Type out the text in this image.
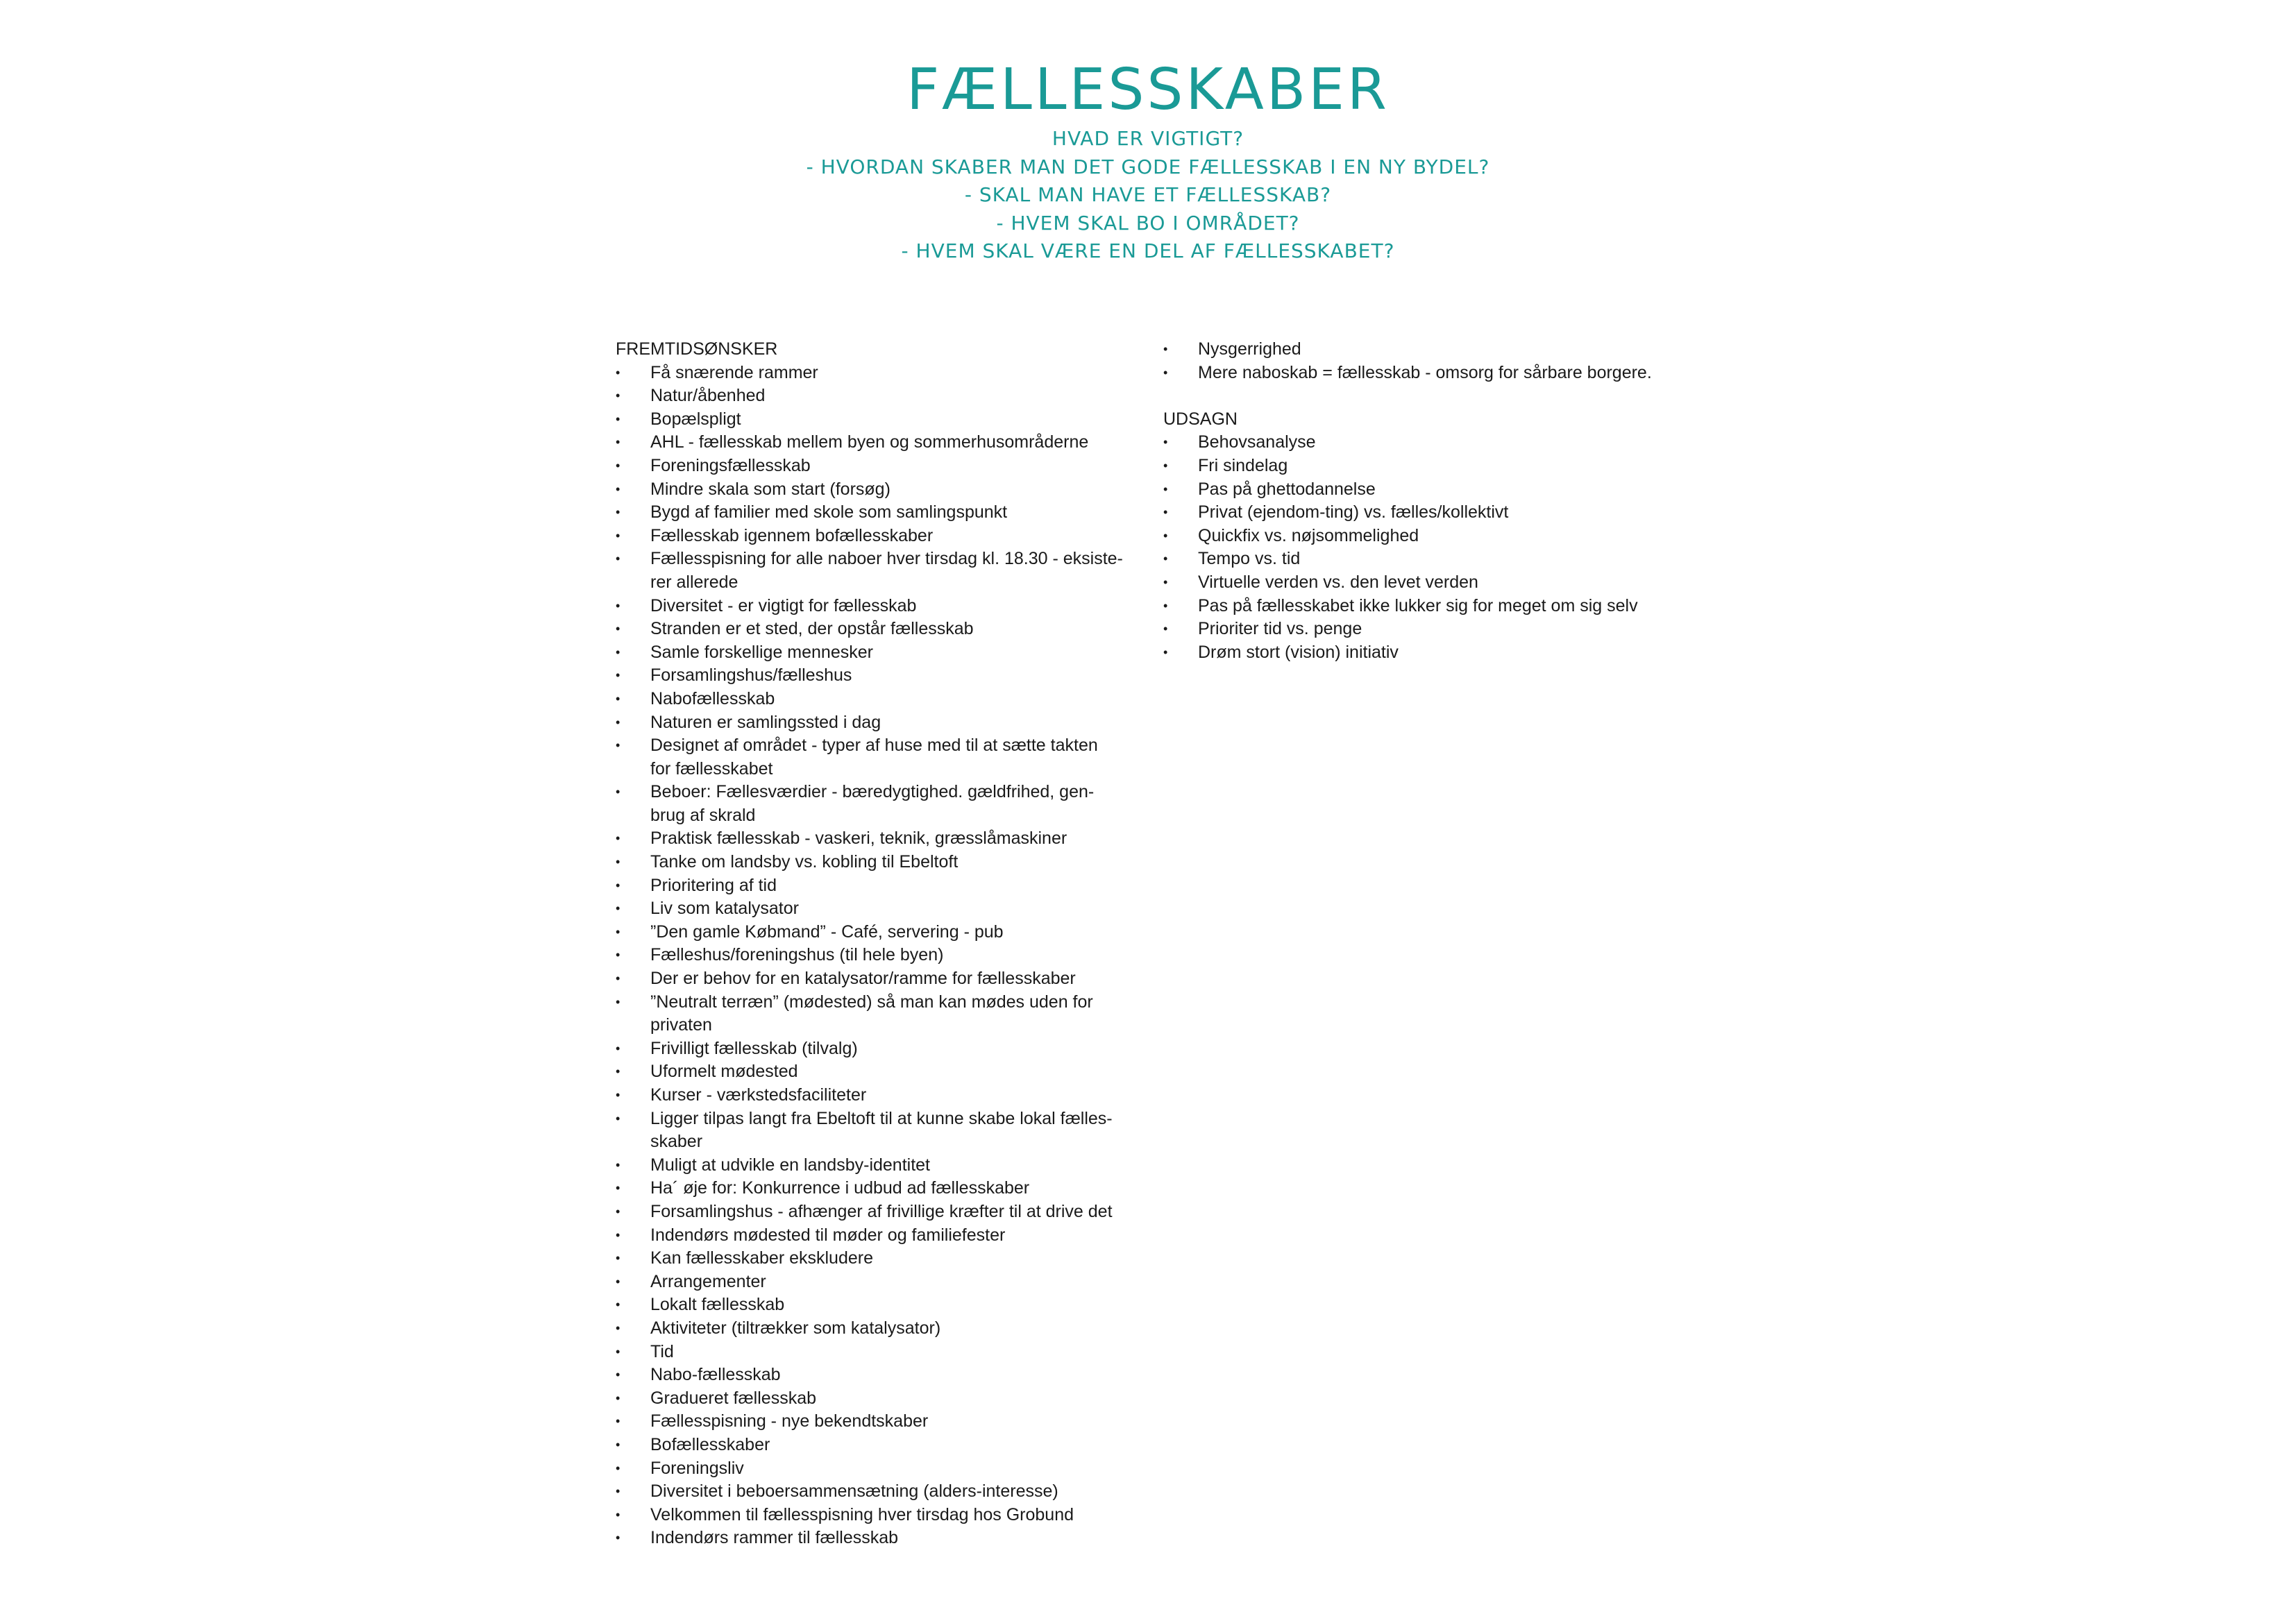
FÆLLESSKABER
HVAD ER VIGTIGT?
- HVORDAN SKABER MAN DET GODE FÆLLESSKAB I EN NY BYDEL?
- SKAL MAN HAVE ET FÆLLESSKAB?
- HVEM SKAL BO I OMRÅDET?
- HVEM SKAL VÆRE EN DEL AF FÆLLESSKABET?
FREMTIDSØNSKER
• Få snærende rammer
• Natur/åbenhed
• Bopælspligt
• AHL - fællesskab mellem byen og sommerhusområderne
• Foreningsfællesskab
• Mindre skala som start (forsøg)
• Bygd af familier med skole som samlingspunkt
• Fællesskab igennem bofællesskaber
• Fællesspisning for alle naboer hver tirsdag kl. 18.30 - eksiste-
rer allerede
• Diversitet - er vigtigt for fællesskab
• Stranden er et sted, der opstår fællesskab
• Samle forskellige mennesker
• Forsamlingshus/fælleshus
• Nabofællesskab
• Naturen er samlingssted i dag
• Designet af området - typer af huse med til at sætte takten
for fællesskabet
• Beboer: Fællesværdier - bæredygtighed. gældfrihed, gen-
brug af skrald
• Praktisk fællesskab - vaskeri, teknik, græsslåmaskiner
• Tanke om landsby vs. kobling til Ebeltoft
• Prioritering af tid
• Liv som katalysator
• ”Den gamle Købmand” - Café, servering - pub
• Fælleshus/foreningshus (til hele byen)
• Der er behov for en katalysator/ramme for fællesskaber
• ”Neutralt terræn” (mødested) så man kan mødes uden for
privaten
• Frivilligt fællesskab (tilvalg)
• Uformelt mødested
• Kurser - værkstedsfaciliteter
• Ligger tilpas langt fra Ebeltoft til at kunne skabe lokal fælles-
skaber
• Muligt at udvikle en landsby-identitet
• Ha´ øje for: Konkurrence i udbud ad fællesskaber
• Forsamlingshus - afhænger af frivillige kræfter til at drive det
• Indendørs mødested til møder og familiefester
• Kan fællesskaber ekskludere
• Arrangementer
• Lokalt fællesskab
• Aktiviteter (tiltrækker som katalysator)
• Tid
• Nabo-fællesskab
• Gradueret fællesskab
• Fællesspisning - nye bekendtskaber
• Bofællesskaber
• Foreningsliv
• Diversitet i beboersammensætning (alders-interesse)
• Velkommen til fællesspisning hver tirsdag hos Grobund
• Indendørs rammer til fællesskab
• Nysgerrighed
• Mere naboskab = fællesskab - omsorg for sårbare borgere.
UDSAGN
• Behovsanalyse
• Fri sindelag
• Pas på ghettodannelse
• Privat (ejendom-ting) vs. fælles/kollektivt
• Quickfix vs. nøjsommelighed
• Tempo vs. tid
• Virtuelle verden vs. den levet verden
• Pas på fællesskabet ikke lukker sig for meget om sig selv
• Prioriter tid vs. penge
• Drøm stort (vision) initiativ
